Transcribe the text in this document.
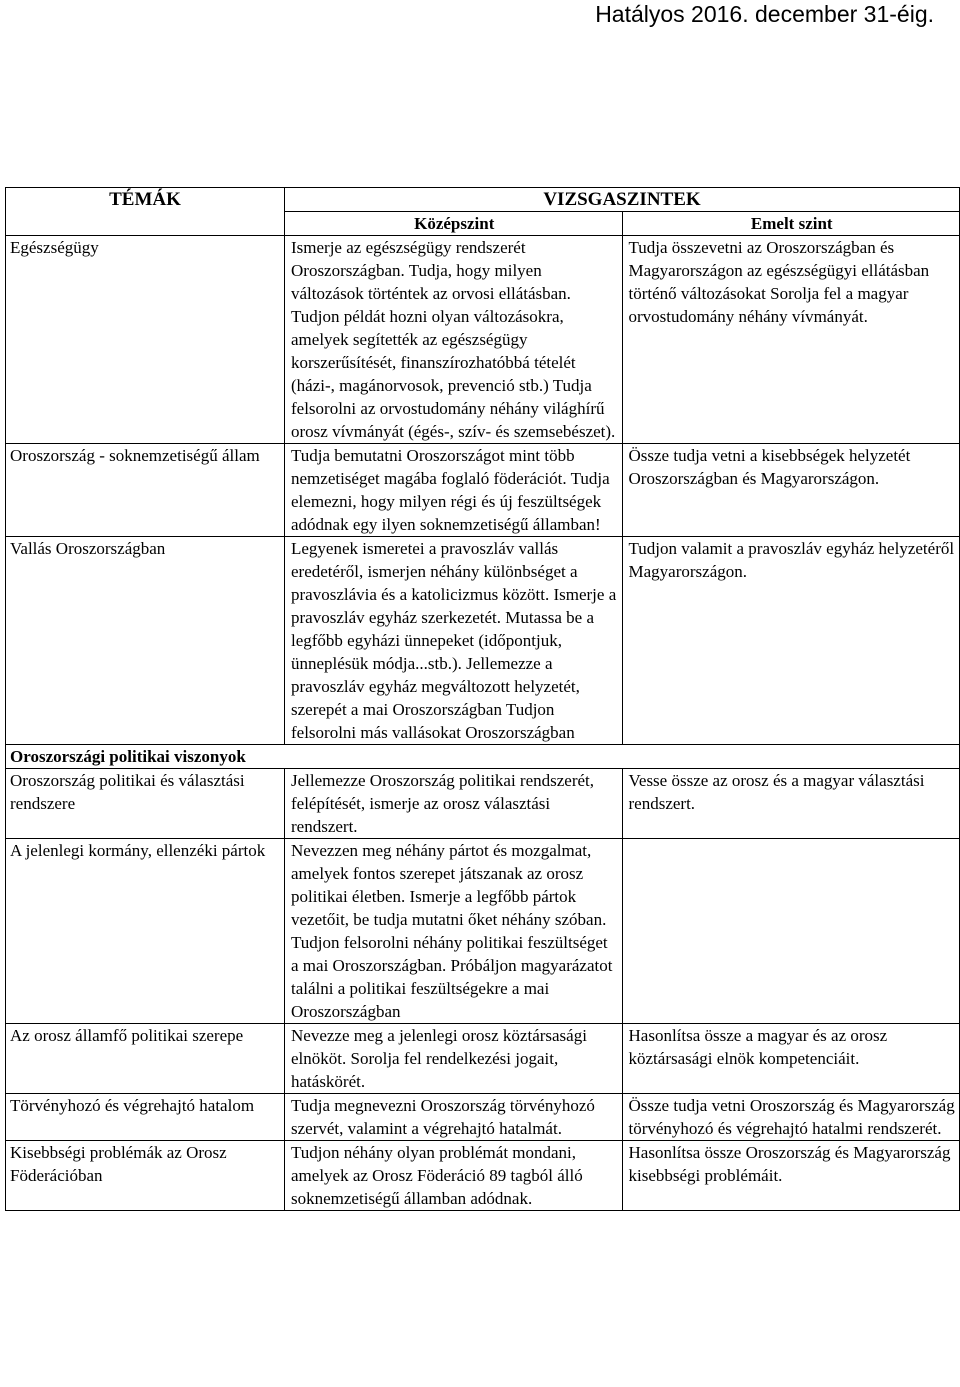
Hatályos 2016. december 31-éig.
TÉMÁK	VIZSGASZINTEK	
	Középszint	Emelt szint
Egészségügy	Ismerje az egészségügy rendszerét Oroszországban. Tudja, hogy milyen változások történtek az orvosi ellátásban. Tudjon példát hozni olyan változásokra, amelyek segítették az egészségügy korszerűsítését, finanszírozhatóbbá tételét (házi-, magánorvosok, prevenció stb.) Tudja felsorolni az orvostudomány néhány világhírű orosz vívmányát (égés-, szív- és szemsebészet).	Tudja összevetni az Oroszországban és Magyarországon az egészségügyi ellátásban történő változásokat Sorolja fel a magyar orvostudomány néhány vívmányát.
Oroszország - soknemzetiségű állam	Tudja bemutatni Oroszországot mint több nemzetiséget magába foglaló föderációt. Tudja elemezni, hogy milyen régi és új feszültségek adódnak egy ilyen soknemzetiségű államban!	Össze tudja vetni a kisebbségek helyzetét Oroszországban és Magyarországon.
Vallás Oroszországban	Legyenek ismeretei a pravoszláv vallás eredetéről, ismerjen néhány különbséget a pravoszlávia és a katolicizmus között. Ismerje a pravoszláv egyház szerkezetét. Mutassa be a legfőbb egyházi ünnepeket (időpontjuk, ünneplésük módja...stb.). Jellemezze a pravoszláv egyház megváltozott helyzetét, szerepét a mai Oroszországban Tudjon felsorolni más vallásokat Oroszországban	Tudjon valamit a pravoszláv egyház helyzetéről Magyarországon.
Oroszországi politikai viszonyok		
Oroszország politikai és választási rendszere	Jellemezze Oroszország politikai rendszerét, felépítését, ismerje az orosz választási rendszert.	Vesse össze az orosz és a magyar választási rendszert.
A jelenlegi kormány, ellenzéki pártok	Nevezzen meg néhány pártot és mozgalmat, amelyek fontos szerepet játszanak az orosz politikai életben. Ismerje a legfőbb pártok vezetőit, be tudja mutatni őket néhány szóban. Tudjon felsorolni néhány politikai feszültséget a mai Oroszországban. Próbáljon magyarázatot találni a politikai feszültségekre a mai Oroszországban	
Az orosz államfő politikai szerepe	Nevezze meg a jelenlegi orosz köztársasági elnököt. Sorolja fel rendelkezési jogait, hatáskörét.	Hasonlítsa össze a magyar és az orosz köztársasági elnök kompetenciáit.
Törvényhozó és végrehajtó hatalom	Tudja megnevezni Oroszország törvényhozó szervét, valamint a végrehajtó hatalmát.	Össze tudja vetni Oroszország és Magyarország törvényhozó és végrehajtó hatalmi rendszerét.
Kisebbségi problémák az Orosz Föderációban	Tudjon néhány olyan problémát mondani, amelyek az Orosz Föderáció 89 tagból álló soknemzetiségű államban adódnak.	Hasonlítsa össze Oroszország és Magyarország kisebbségi problémáit.
